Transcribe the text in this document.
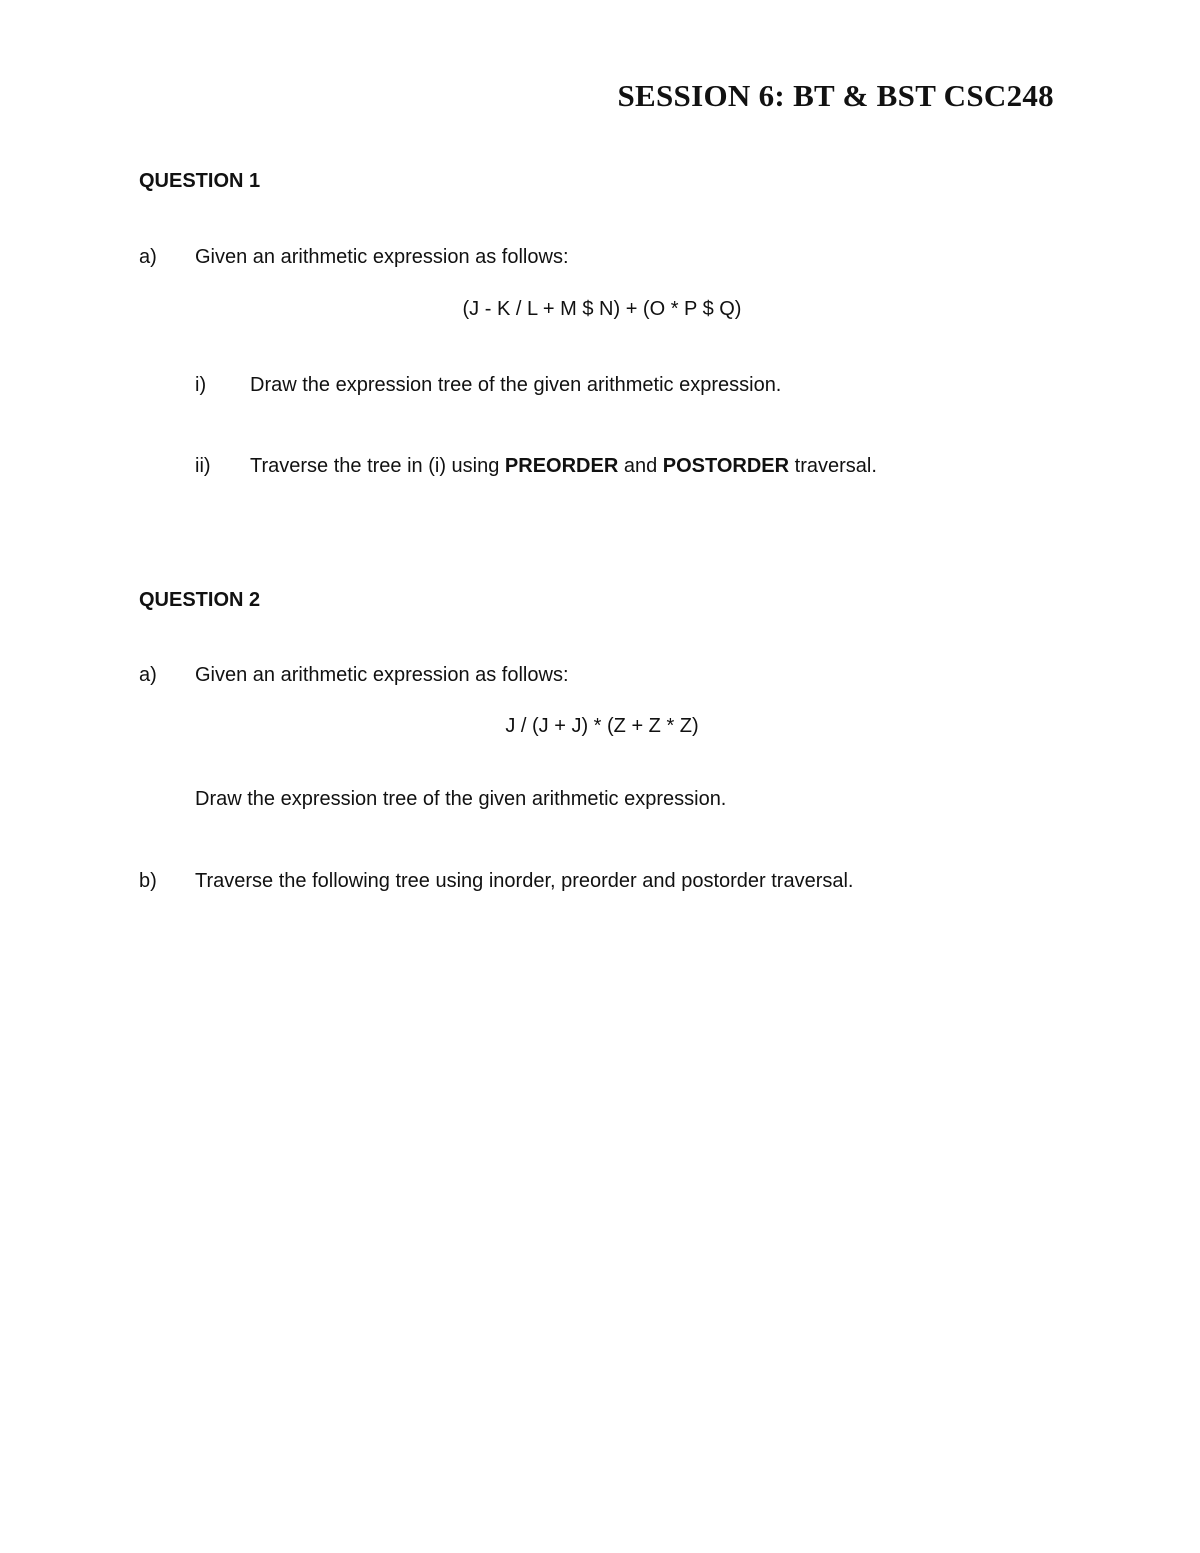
SESSION 6: BT & BST CSC248
QUESTION 1
a) Given an arithmetic expression as follows:
(J - K / L + M $ N) + (O * P $ Q)
i) Draw the expression tree of the given arithmetic expression.
ii) Traverse the tree in (i) using PREORDER and POSTORDER traversal.
QUESTION 2
a) Given an arithmetic expression as follows:
J / (J + J) * (Z + Z * Z)
Draw the expression tree of the given arithmetic expression.
b) Traverse the following tree using inorder, preorder and postorder traversal.
